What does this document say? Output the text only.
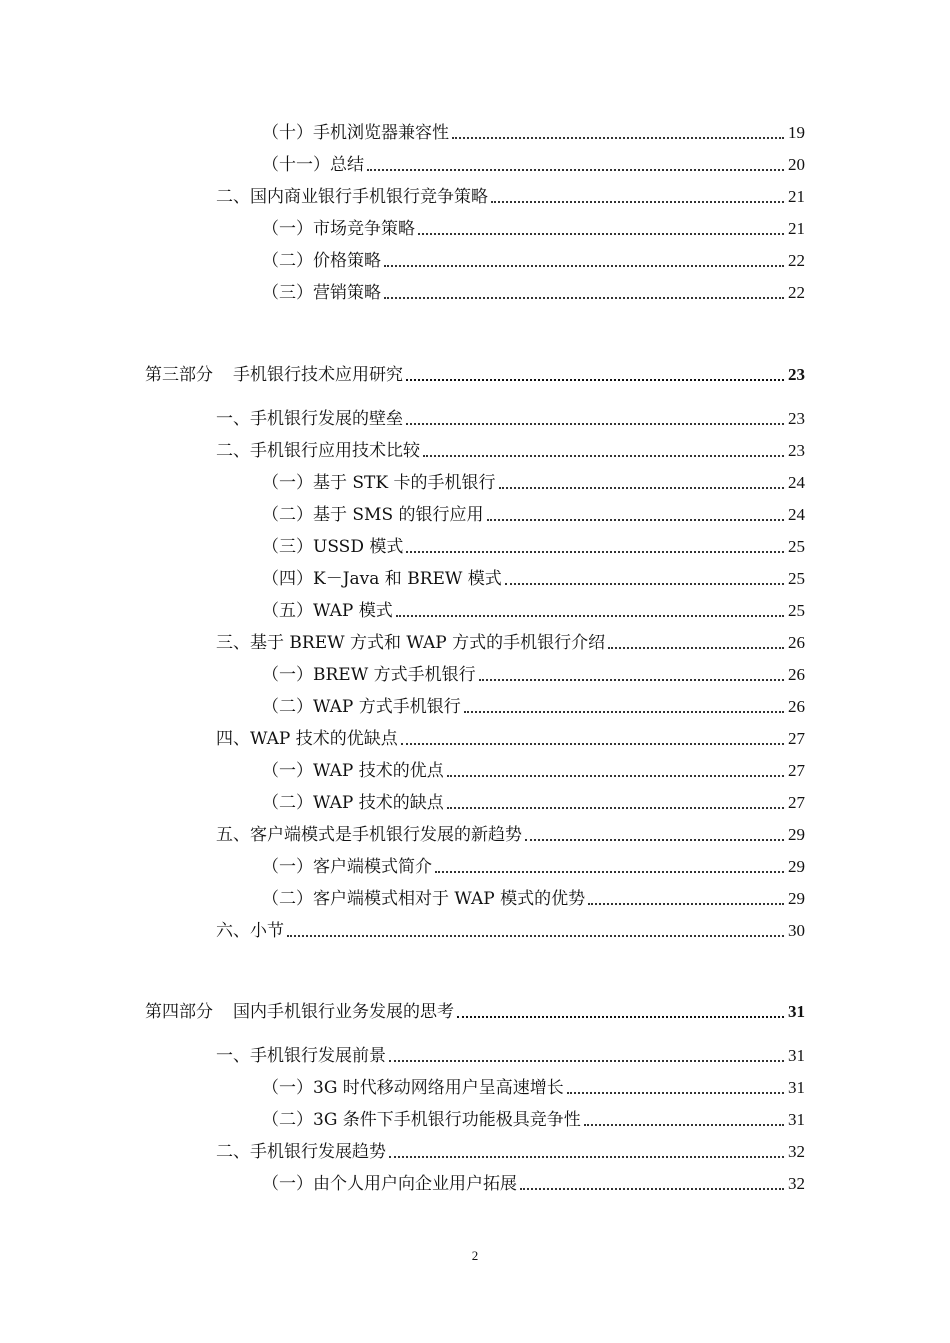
（十）手机浏览器兼容性	19
（十一）总结	20
二、国内商业银行手机银行竞争策略	21
（一）市场竞争策略	21
（二）价格策略	22
（三）营销策略	22
第三部分 手机银行技术应用研究	23
一、手机银行发展的壁垒	23
二、手机银行应用技术比较	23
（一）基于 STK 卡的手机银行	24
（二）基于 SMS 的银行应用	24
（三）USSD 模式	25
（四）K－Java 和 BREW 模式	25
（五）WAP 模式	25
三、基于 BREW 方式和 WAP 方式的手机银行介绍	26
（一）BREW 方式手机银行	26
（二）WAP 方式手机银行	26
四、WAP 技术的优缺点	27
（一）WAP 技术的优点	27
（二）WAP 技术的缺点	27
五、客户端模式是手机银行发展的新趋势	29
（一）客户端模式简介	29
（二）客户端模式相对于 WAP 模式的优势	29
六、小节	30
第四部分 国内手机银行业务发展的思考	31
一、手机银行发展前景	31
（一）3G 时代移动网络用户呈高速增长	31
（二）3G 条件下手机银行功能极具竞争性	31
二、手机银行发展趋势	32
（一）由个人用户向企业用户拓展	32
2
